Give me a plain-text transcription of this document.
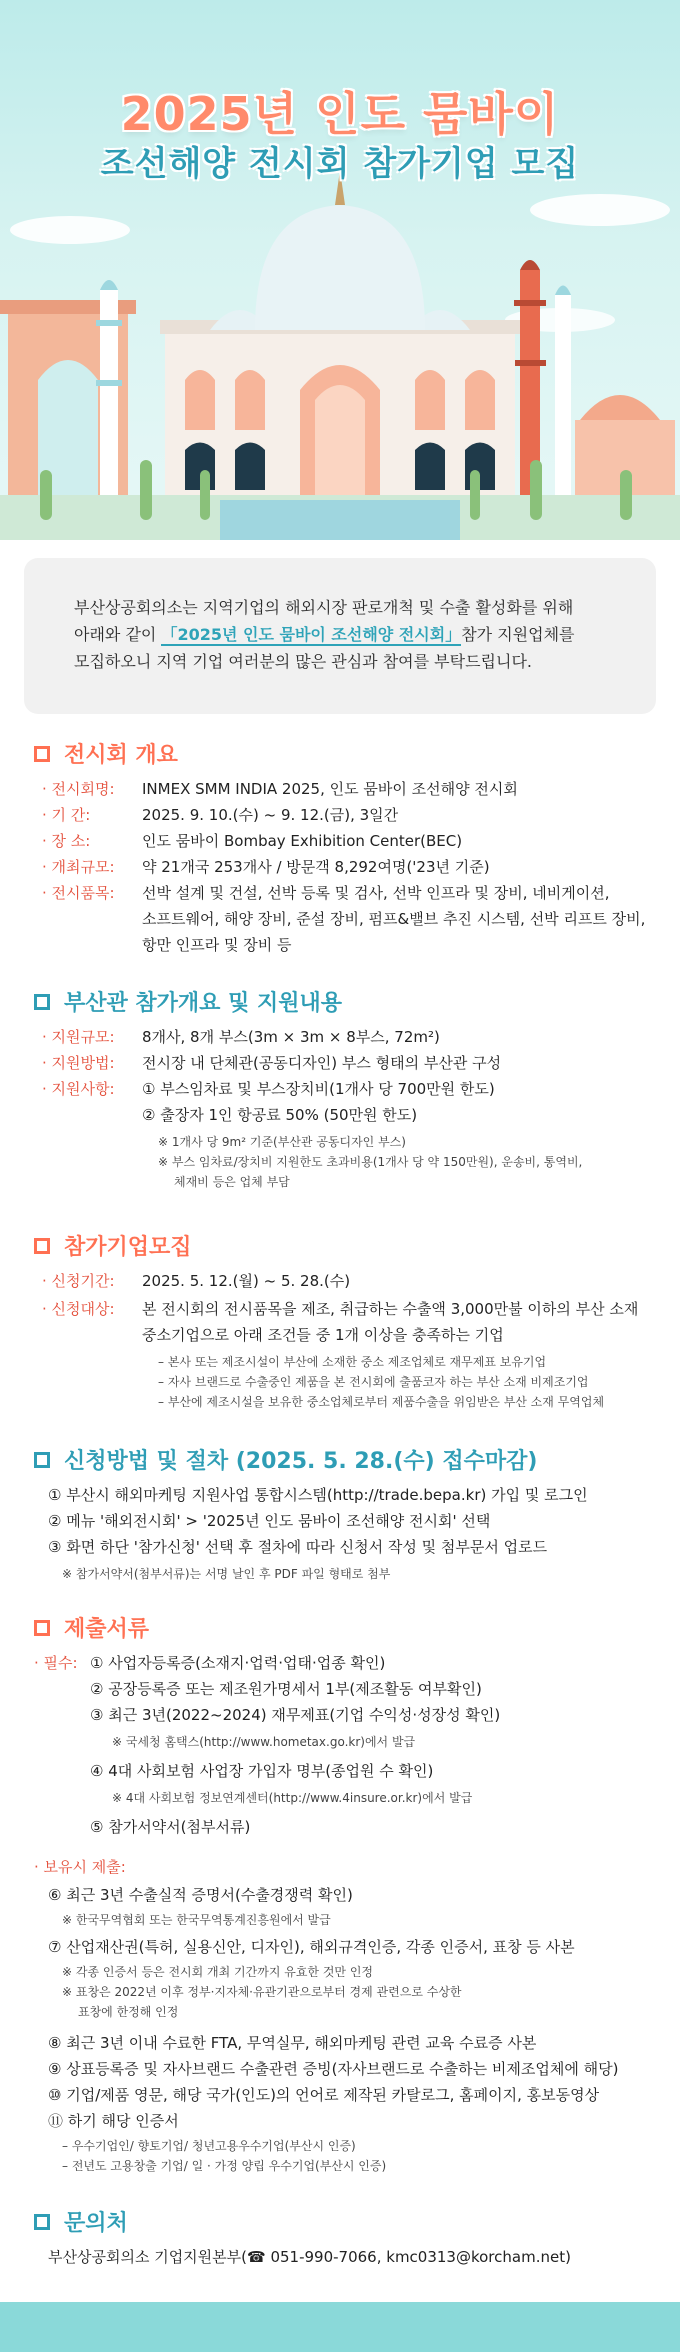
2025년 인도 뭄바이
조선해양 전시회 참가기업 모집
부산상공회의소는 지역기업의 해외시장 판로개척 및 수출 활성화를 위해
아래와 같이 「2025년 인도 뭄바이 조선해양 전시회」참가 지원업체를
모집하오니 지역 기업 여러분의 많은 관심과 참여를 부탁드립니다.
전시회 개요
· 전시회명:	INMEX SMM INDIA 2025, 인도 뭄바이 조선해양 전시회
· 기 간:	2025. 9. 10.(수) ~ 9. 12.(금), 3일간
· 장 소:	인도 뭄바이 Bombay Exhibition Center(BEC)
· 개최규모:	약 21개국 253개사 / 방문객 8,292여명('23년 기준)
· 전시품목:	선박 설계 및 건설, 선박 등록 및 검사, 선박 인프라 및 장비, 네비게이션,
소프트웨어, 해양 장비, 준설 장비, 펌프&밸브 추진 시스템, 선박 리프트 장비,
항만 인프라 및 장비 등
부산관 참가개요 및 지원내용
· 지원규모:	8개사, 8개 부스(3m × 3m × 8부스, 72m²)
· 지원방법:	전시장 내 단체관(공동디자인) 부스 형태의 부산관 구성
· 지원사항:	① 부스임차료 및 부스장치비(1개사 당 700만원 한도)
② 출장자 1인 항공료 50% (50만원 한도)
※ 1개사 당 9m² 기준(부산관 공동디자인 부스)
※ 부스 임차료/장치비 지원한도 초과비용(1개사 당 약 150만원), 운송비, 통역비,
체재비 등은 업체 부담
참가기업모집
· 신청기간:	2025. 5. 12.(월) ~ 5. 28.(수)
· 신청대상:	본 전시회의 전시품목을 제조, 취급하는 수출액 3,000만불 이하의 부산 소재
중소기업으로 아래 조건들 중 1개 이상을 충족하는 기업
– 본사 또는 제조시설이 부산에 소재한 중소 제조업체로 재무제표 보유기업
– 자사 브랜드로 수출중인 제품을 본 전시회에 출품코자 하는 부산 소재 비제조기업
– 부산에 제조시설을 보유한 중소업체로부터 제품수출을 위임받은 부산 소재 무역업체
신청방법 및 절차 (2025. 5. 28.(수) 접수마감)
① 부산시 해외마케팅 지원사업 통합시스템(http://trade.bepa.kr) 가입 및 로그인
② 메뉴 '해외전시회' > '2025년 인도 뭄바이 조선해양 전시회' 선택
③ 화면 하단 '참가신청' 선택 후 절차에 따라 신청서 작성 및 첨부문서 업로드
※ 참가서약서(첨부서류)는 서명 날인 후 PDF 파일 형태로 첨부
제출서류
· 필수: ① 사업자등록증(소재지·업력·업태·업종 확인)
② 공장등록증 또는 제조원가명세서 1부(제조활동 여부확인)
③ 최근 3년(2022~2024) 재무제표(기업 수익성·성장성 확인)
※ 국세청 홈택스(http://www.hometax.go.kr)에서 발급
④ 4대 사회보험 사업장 가입자 명부(종업원 수 확인)
※ 4대 사회보험 정보연계센터(http://www.4insure.or.kr)에서 발급
⑤ 참가서약서(첨부서류)
· 보유시 제출:
⑥ 최근 3년 수출실적 증명서(수출경쟁력 확인)
※ 한국무역협회 또는 한국무역통계진흥원에서 발급
⑦ 산업재산권(특허, 실용신안, 디자인), 해외규격인증, 각종 인증서, 표창 등 사본
※ 각종 인증서 등은 전시회 개최 기간까지 유효한 것만 인정
※ 표창은 2022년 이후 정부·지자체·유관기관으로부터 경제 관련으로 수상한
표창에 한정해 인정
⑧ 최근 3년 이내 수료한 FTA, 무역실무, 해외마케팅 관련 교육 수료증 사본
⑨ 상표등록증 및 자사브랜드 수출관련 증빙(자사브랜드로 수출하는 비제조업체에 해당)
⑩ 기업/제품 영문, 해당 국가(인도)의 언어로 제작된 카탈로그, 홈페이지, 홍보동영상
⑪ 하기 해당 인증서
– 우수기업인/ 향토기업/ 청년고용우수기업(부산시 인증)
– 전년도 고용창출 기업/ 일 · 가정 양립 우수기업(부산시 인증)
문의처
부산상공회의소 기업지원본부(☎ 051-990-7066, kmc0313@korcham.net)
